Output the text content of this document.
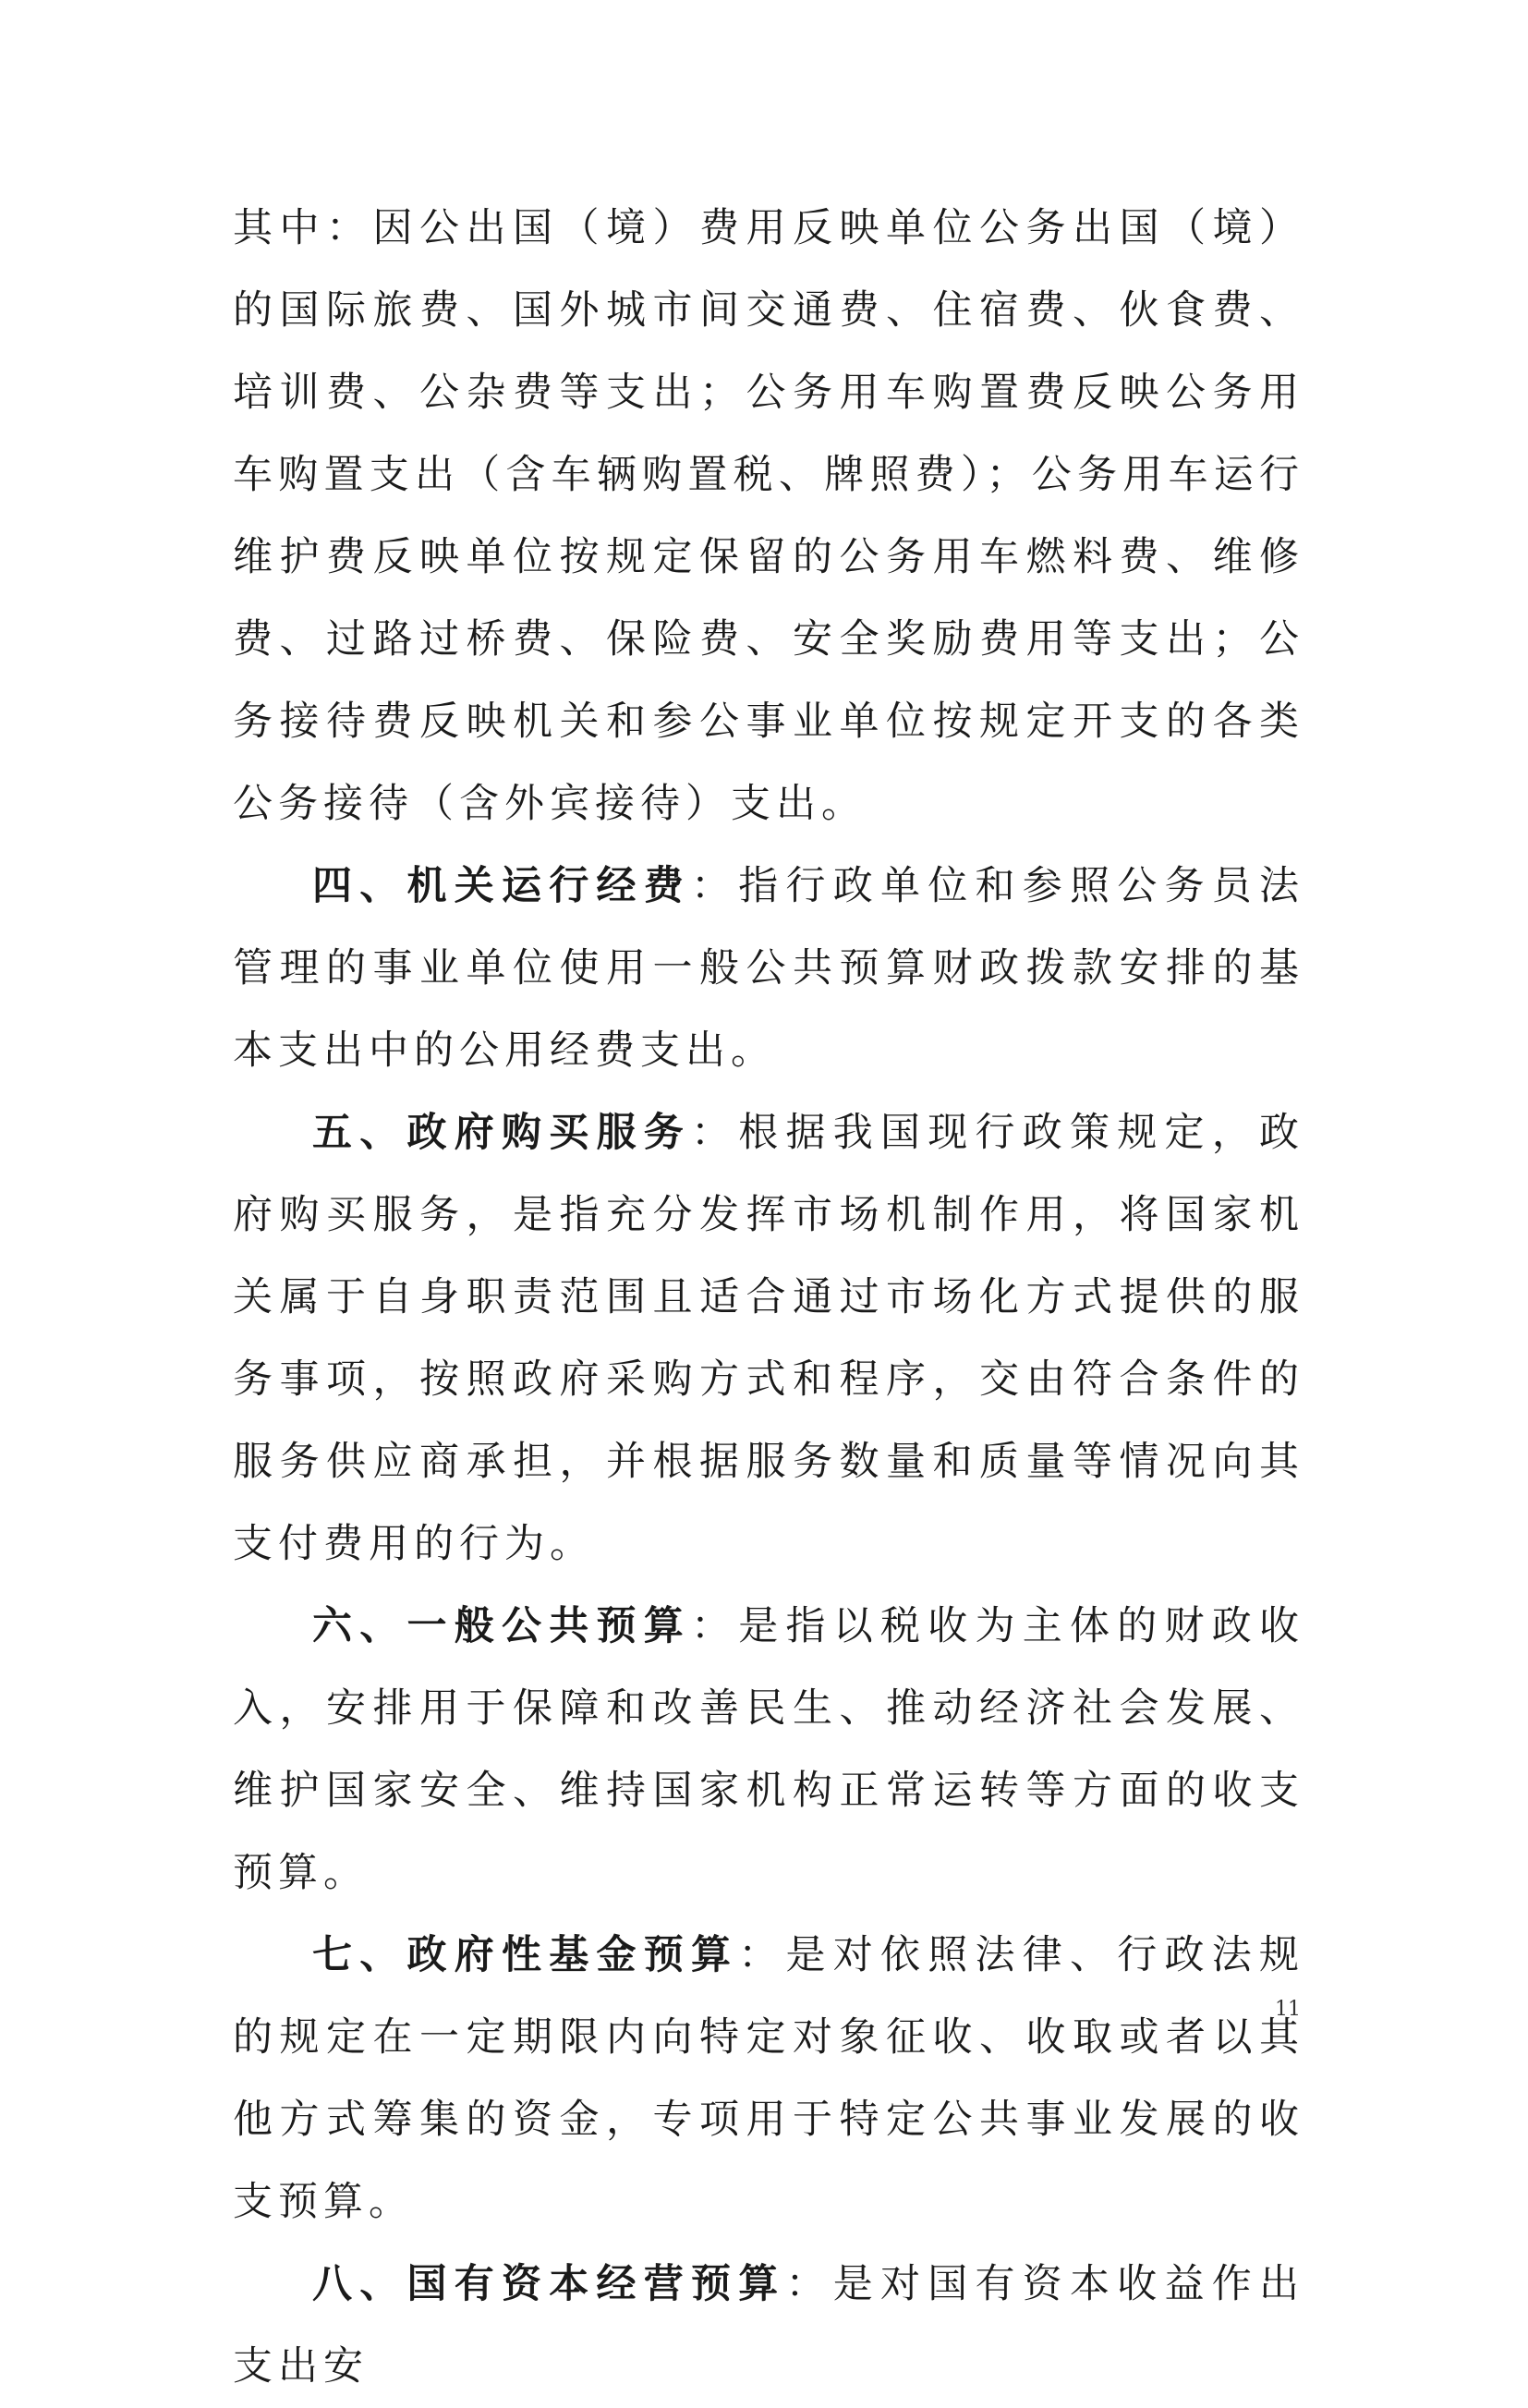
其中：因公出国（境）费用反映单位公务出国（境）的国际旅费、国外城市间交通费、住宿费、伙食费、培训费、公杂费等支出；公务用车购置费反映公务用车购置支出（含车辆购置税、牌照费）；公务用车运行维护费反映单位按规定保留的公务用车燃料费、维修费、过路过桥费、保险费、安全奖励费用等支出；公务接待费反映机关和参公事业单位按规定开支的各类公务接待（含外宾接待）支出。

四、机关运行经费：指行政单位和参照公务员法管理的事业单位使用一般公共预算财政拨款安排的基本支出中的公用经费支出。

五、政府购买服务：根据我国现行政策规定，政府购买服务，是指充分发挥市场机制作用，将国家机关属于自身职责范围且适合通过市场化方式提供的服务事项，按照政府采购方式和程序，交由符合条件的服务供应商承担，并根据服务数量和质量等情况向其支付费用的行为。

六、一般公共预算：是指以税收为主体的财政收入，安排用于保障和改善民生、推动经济社会发展、维护国家安全、维持国家机构正常运转等方面的收支预算。

七、政府性基金预算：是对依照法律、行政法规的规定在一定期限内向特定对象征收、收取或者以其他方式筹集的资金，专项用于特定公共事业发展的收支预算。

八、国有资本经营预算：是对国有资本收益作出支出安

11
